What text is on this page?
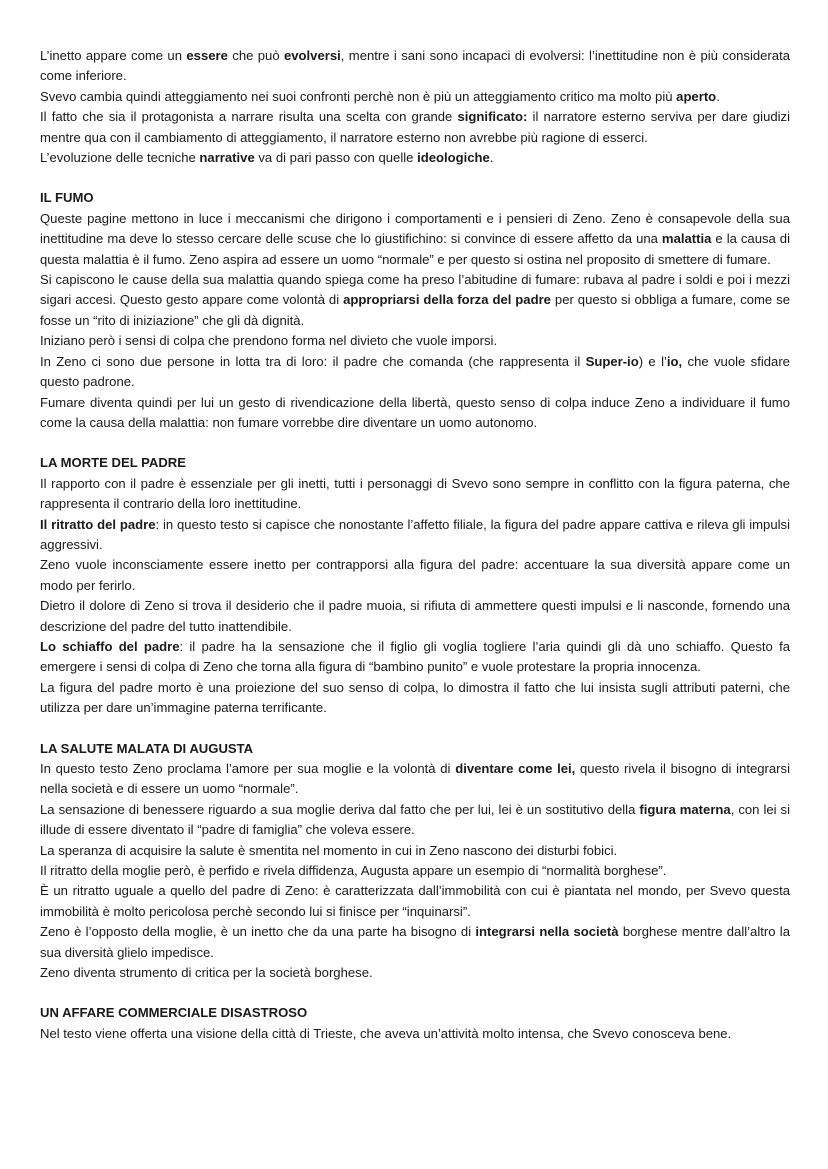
L’inetto appare come un essere che può evolversi, mentre i sani sono incapaci di evolversi: l’inettitudine non è più considerata come inferiore.

Svevo cambia quindi atteggiamento nei suoi confronti perchè non è più un atteggiamento critico ma molto più aperto.

Il fatto che sia il protagonista a narrare risulta una scelta con grande significato: il narratore esterno serviva per dare giudizi mentre qua con il cambiamento di atteggiamento, il narratore esterno non avrebbe più ragione di esserci.

L’evoluzione delle tecniche narrative va di pari passo con quelle ideologiche.

IL FUMO

Queste pagine mettono in luce i meccanismi che dirigono i comportamenti e i pensieri di Zeno. Zeno è consapevole della sua inettitudine ma deve lo stesso cercare delle scuse che lo giustifichino: si convince di essere affetto da una malattia e la causa di questa malattia è il fumo. Zeno aspira ad essere un uomo “normale” e per questo si ostina nel proposito di smettere di fumare.

Si capiscono le cause della sua malattia quando spiega come ha preso l’abitudine di fumare: rubava al padre i soldi e poi i mezzi sigari accesi. Questo gesto appare come volontà di appropriarsi della forza del padre per questo si obbliga a fumare, come se fosse un “rito di iniziazione” che gli dà dignità.

Iniziano però i sensi di colpa che prendono forma nel divieto che vuole imporsi.

In Zeno ci sono due persone in lotta tra di loro: il padre che comanda (che rappresenta il Super-io) e l’io, che vuole sfidare questo padrone.

Fumare diventa quindi per lui un gesto di rivendicazione della libertà, questo senso di colpa induce Zeno a individuare il fumo come la causa della malattia: non fumare vorrebbe dire diventare un uomo autonomo.

LA MORTE DEL PADRE

Il rapporto con il padre è essenziale per gli inetti, tutti i personaggi di Svevo sono sempre in conflitto con la figura paterna, che rappresenta il contrario della loro inettitudine.

Il ritratto del padre: in questo testo si capisce che nonostante l’affetto filiale, la figura del padre appare cattiva e rileva gli impulsi aggressivi.

Zeno vuole inconsciamente essere inetto per contrapporsi alla figura del padre: accentuare la sua diversità appare come un modo per ferirlo.

Dietro il dolore di Zeno si trova il desiderio che il padre muoia, si rifiuta di ammettere questi impulsi e li nasconde, fornendo una descrizione del padre del tutto inattendibile.

Lo schiaffo del padre: il padre ha la sensazione che il figlio gli voglia togliere l’aria quindi gli dà uno schiaffo. Questo fa emergere i sensi di colpa di Zeno che torna alla figura di “bambino punito” e vuole protestare la propria innocenza.

La figura del padre morto è una proiezione del suo senso di colpa, lo dimostra il fatto che lui insista sugli attributi paterni, che utilizza per dare un’immagine paterna terrificante.

LA SALUTE MALATA DI AUGUSTA

In questo testo Zeno proclama l’amore per sua moglie e la volontà di diventare come lei, questo rivela il bisogno di integrarsi nella società e di essere un uomo “normale”.

La sensazione di benessere riguardo a sua moglie deriva dal fatto che per lui, lei è un sostitutivo della figura materna, con lei si illude di essere diventato il “padre di famiglia” che voleva essere.

La speranza di acquisire la salute è smentita nel momento in cui in Zeno nascono dei disturbi fobici.

Il ritratto della moglie però, è perfido e rivela diffidenza, Augusta appare un esempio di “normalità borghese”.

È un ritratto uguale a quello del padre di Zeno: è caratterizzata dall’immobilità con cui è piantata nel mondo, per Svevo questa immobilità è molto pericolosa perchè secondo lui si finisce per “inquinarsi”.

Zeno è l’opposto della moglie, è un inetto che da una parte ha bisogno di integrarsi nella società borghese mentre dall’altro la sua diversità glielo impedisce.

Zeno diventa strumento di critica per la società borghese.

UN AFFARE COMMERCIALE DISASTROSO

Nel testo viene offerta una visione della città di Trieste, che aveva un’attività molto intensa, che Svevo conosceva bene.
